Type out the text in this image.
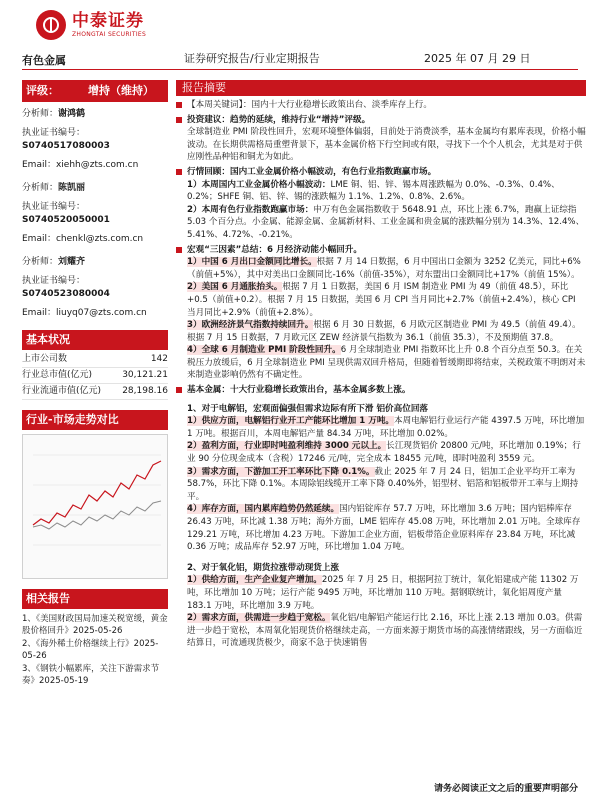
中泰证券
ZHONGTAI SECURITIES
有色金属	证券研究报告/行业定期报告	2025 年 07 月 29 日
评级：	增持（维持）

分析师：谢鸿鹤

执业证书编号：S0740517080003

Email：xiehh@zts.com.cn

分析师：陈凯丽

执业证书编号：S0740520050001

Email：chenkl@zts.com.cn

分析师：刘耀齐

执业证书编号：S0740523080004

Email：liuyq07@zts.com.cn

基本状况
上市公司数	142
行业总市值(亿元)	30,121.21
行业流通市值(亿元) 28,198.16
行业-市场走势对比
相关报告

1、《美国财政国局加速关税宽缓，黄金股价格回升》2025-05-26

2、《海外稀土价格继续上行》2025-05-26

3、《钢铁小幅累库，关注下游需求节奏》2025-05-19

报告摘要
【本周关键词】：国内十大行业稳增长政策出台、淡季库存上行。
投资建议：趋势的延续，维持行业“增持”评级。
全球制造业 PMI 阶段性回升，宏观环境整体偏弱，目前处于消费淡季，基本金属均有累库表现，价格小幅波动。在长期供需格局重塑背景下，基本金属价格下行空间或有限，寻找下一个个人机会，尤其是对于供应刚性品种铝和铜尤为如此。
行情回顾：国内工业金属价格小幅波动，有色行业指数跑赢市场。
1）本周国内工业金属价格小幅波动：LME 铜、铝、锌、锡本周涨跌幅为 0.0%、-0.3%、0.4%、0.2%；SHFE 铜、铝、锌、锡的涨跌幅为 1.1%、1.2%、0.8%、2.6%。
2）本周有色行业指数跑赢市场：申万有色金属指数收于 5648.91 点，环比上涨 6.7%，跑赢上证综指 5.03 个百分点。小金属、能源金属、金属新材料、工业金属和贵金属的涨跌幅分别为 14.3%、12.4%、5.41%、4.72%、-0.21%。
宏观“三因素”总结：6 月经济动能小幅回升。
1）中国 6 月出口金额同比增长。根据 7 月 14 日数据，6 月中国出口金额为 3252 亿美元，同比+6%（前值+5%），其中对美出口金额同比-16%（前值-35%），对东盟出口金额同比+17%（前值 15%）。
2）美国 6 月通胀抬头。根据 7 月 1 日数据，美国 6 月 ISM 制造业 PMI 为 49（前值 48.5），环比+0.5（前值+0.2）。根据 7 月 15 日数据，美国 6 月 CPI 当月同比+2.7%（前值+2.4%），核心 CPI 当月同比+2.9%（前值+2.8%）。
3）欧洲经济景气指数持续回升。根据 6 月 30 日数据，6 月欧元区制造业 PMI 为 49.5（前值 49.4）。根据 7 月 15 日数据，7 月欧元区 ZEW 经济景气指数为 36.1（前值 35.3），不及预期值 37.8。
4）全球 6 月制造业 PMI 阶段性回升。6 月全球制造业 PMI 指数环比上升 0.8 个百分点至 50.3。在关税压力放缓后，6 月全球制造业 PMI 呈现供需双回升格局，但随着暂缓期即将结束，关税政策不明朗对未来制造业影响仍然有不确定性。
基本金属：十大行业稳增长政策出台，基本金属多数上涨。
1、对于电解铝，宏观面偏强但需求边际有所下滑 铝价高位回落
1）供应方面，电解铝行业开工产能环比增加 1 万吨。本周电解铝行业运行产能 4397.5 万吨，环比增加 1 万吨。根据百川，本周电解铝产量 84.34 万吨，环比增加 0.02%。
2）盈利方面，行业即时吨盈利维持 3000 元以上。长江现货铝价 20800 元/吨，环比增加 0.19%；行业 90 分位现金成本（含税）17246 元/吨，完全成本 18455 元/吨，即时吨盈利 3559 元。
3）需求方面，下游加工开工率环比下降 0.1%。截止 2025 年 7 月 24 日，铝加工企业平均开工率为 58.7%，环比下降 0.1%。本周除铝线缆开工率下降 0.40%外，铝型材、铝箔和铝板带开工率与上期持平。
4）库存方面，国内累库趋势仍然延续。国内铝锭库存 57.7 万吨，环比增加 3.6 万吨；国内铝棒库存 26.43 万吨，环比减 1.38 万吨；海外方面，LME 铝库存 45.08 万吨，环比增加 2.01 万吨。全球库存 129.21 万吨，环比增加 4.23 万吨。下游加工企业方面，铝板带箔企业原料库存 23.84 万吨，环比减 0.36 万吨；成品库存 52.97 万吨，环比增加 1.04 万吨。
2、对于氧化铝，期货拉涨带动现货上涨
1）供给方面，生产企业复产增加。2025 年 7 月 25 日，根据阿拉丁统计，氧化铝建成产能 11302 万吨，环比增加 10 万吨；运行产能 9495 万吨，环比增加 110 万吨。据钢联统计，氧化铝周度产量 183.1 万吨，环比增加 3.9 万吨。
2）需求方面，供需进一步趋于宽松。氧化铝/电解铝产能运行比 2.16，环比上涨 2.13 增加 0.03。供需进一步趋于宽松，本周氧化铝现货价格继续走高，一方面来源于期货市场的高涨情绪跟线，另一方面临近结算日，可流通现货极少，商家不急于快速销售
请务必阅读正文之后的重要声明部分
